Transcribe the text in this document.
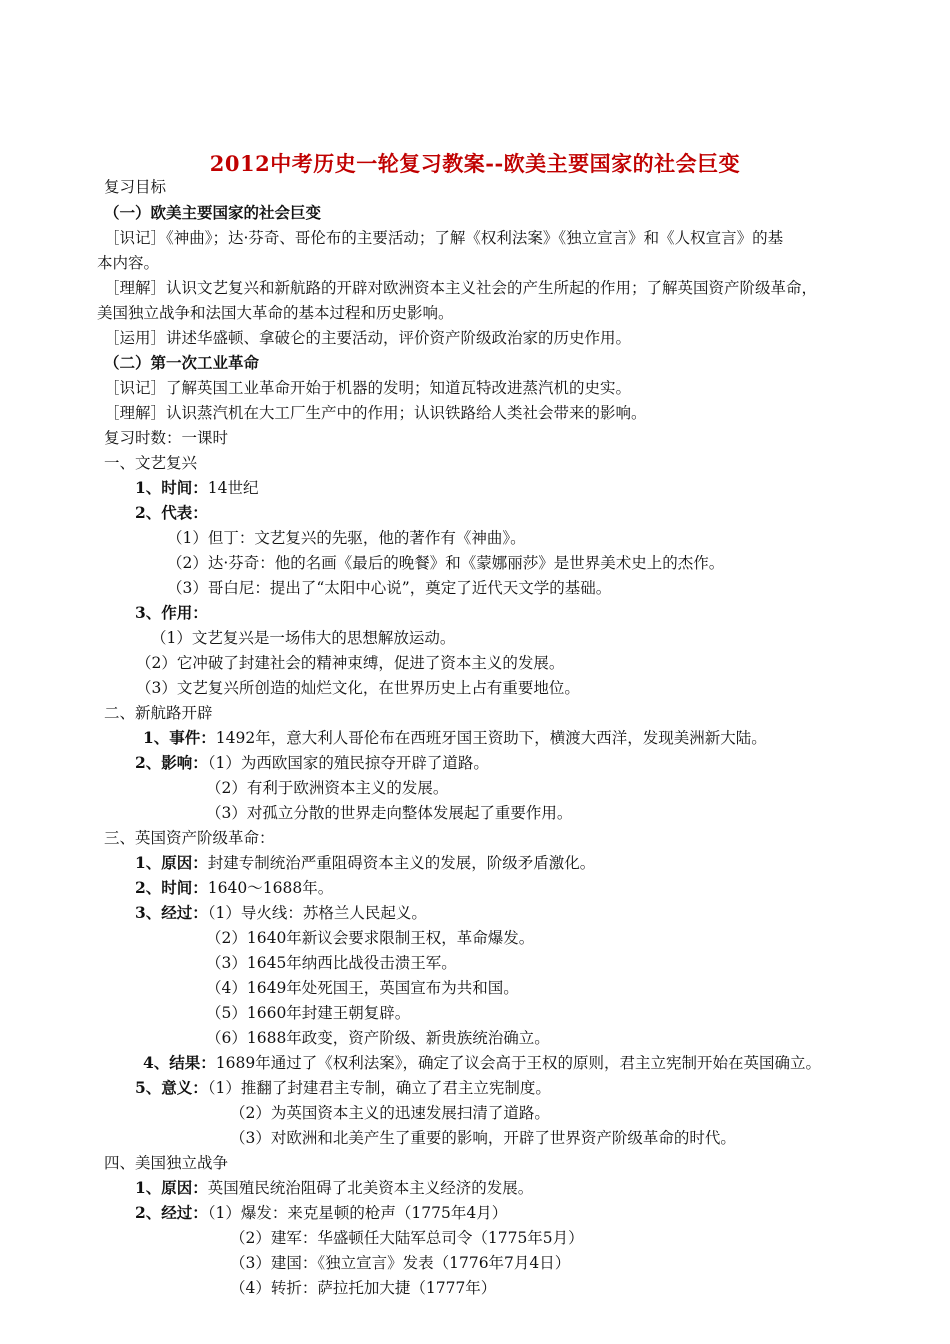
2012中考历史一轮复习教案--欧美主要国家的社会巨变
复习目标
（一）欧美主要国家的社会巨变
［识记］《神曲》；达·芬奇、哥伦布的主要活动；了解《权利法案》《独立宣言》和《人权宣言》的基
本内容。
［理解］认识文艺复兴和新航路的开辟对欧洲资本主义社会的产生所起的作用；了解英国资产阶级革命，
美国独立战争和法国大革命的基本过程和历史影响。
［运用］讲述华盛顿、拿破仑的主要活动，评价资产阶级政治家的历史作用。
（二）第一次工业革命
［识记］了解英国工业革命开始于机器的发明；知道瓦特改进蒸汽机的史实。
［理解］认识蒸汽机在大工厂生产中的作用；认识铁路给人类社会带来的影响。
复习时数：一课时
一、文艺复兴
1、时间：14世纪
2、代表：
（1）但丁：文艺复兴的先驱，他的著作有《神曲》。
（2）达·芬奇：他的名画《最后的晚餐》和《蒙娜丽莎》是世界美术史上的杰作。
（3）哥白尼：提出了“太阳中心说”，奠定了近代天文学的基础。
3、作用：
（1）文艺复兴是一场伟大的思想解放运动。
（2）它冲破了封建社会的精神束缚，促进了资本主义的发展。
（3）文艺复兴所创造的灿烂文化，在世界历史上占有重要地位。
二、新航路开辟
1、事件：1492年，意大利人哥伦布在西班牙国王资助下，横渡大西洋，发现美洲新大陆。
2、影响：（1）为西欧国家的殖民掠夺开辟了道路。
（2）有利于欧洲资本主义的发展。
（3）对孤立分散的世界走向整体发展起了重要作用。
三、英国资产阶级革命：
1、原因：封建专制统治严重阻碍资本主义的发展，阶级矛盾激化。
2、时间：1640～1688年。
3、经过：（1）导火线：苏格兰人民起义。
（2）1640年新议会要求限制王权，革命爆发。
（3）1645年纳西比战役击溃王军。
（4）1649年处死国王，英国宣布为共和国。
（5）1660年封建王朝复辟。
（6）1688年政变，资产阶级、新贵族统治确立。
4、结果：1689年通过了《权利法案》，确定了议会高于王权的原则，君主立宪制开始在英国确立。
5、意义：（1）推翻了封建君主专制，确立了君主立宪制度。
（2）为英国资本主义的迅速发展扫清了道路。
（3）对欧洲和北美产生了重要的影响，开辟了世界资产阶级革命的时代。
四、美国独立战争
1、原因：英国殖民统治阻碍了北美资本主义经济的发展。
2、经过：（1）爆发：来克星顿的枪声（1775年4月）
（2）建军：华盛顿任大陆军总司令（1775年5月）
（3）建国：《独立宣言》发表（1776年7月4日）
（4）转折：萨拉托加大捷（1777年）
